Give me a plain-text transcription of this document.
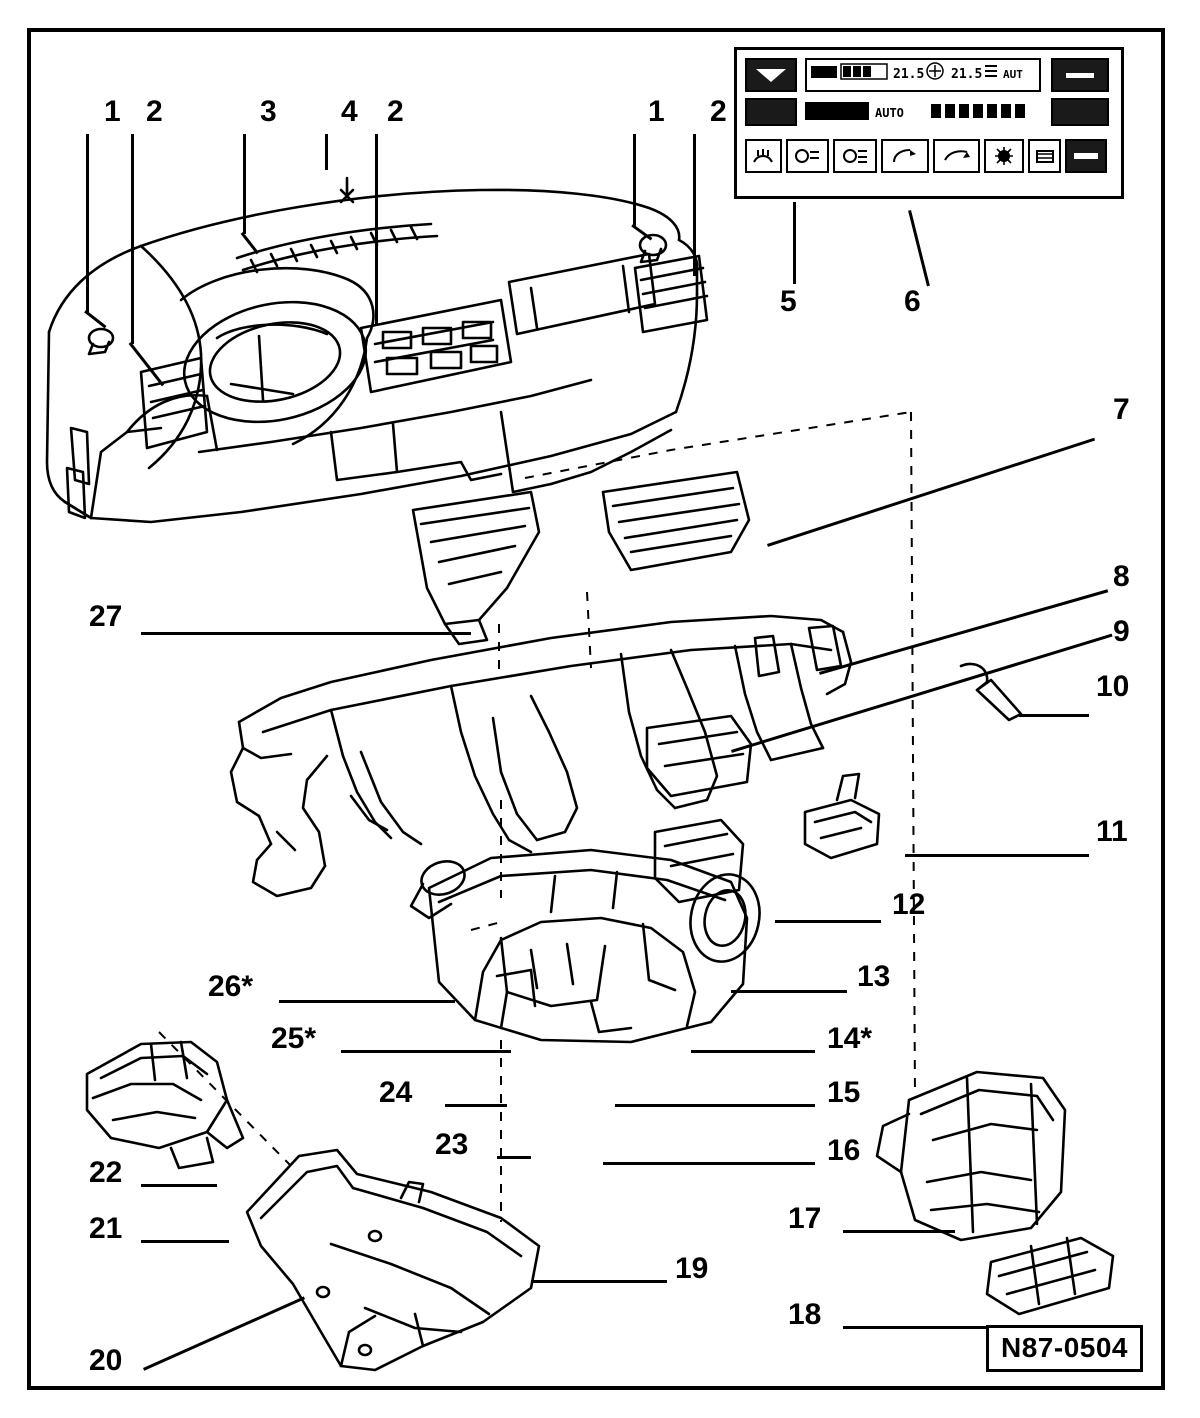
21.5 21.5 AUT
AUTO
1 2	3 4 2	1 2
5	6
7
27
8
9
10
11
12
13
26*
25*	14*
24	15
23	16
22
21	17
19
18
20	N87-0504
